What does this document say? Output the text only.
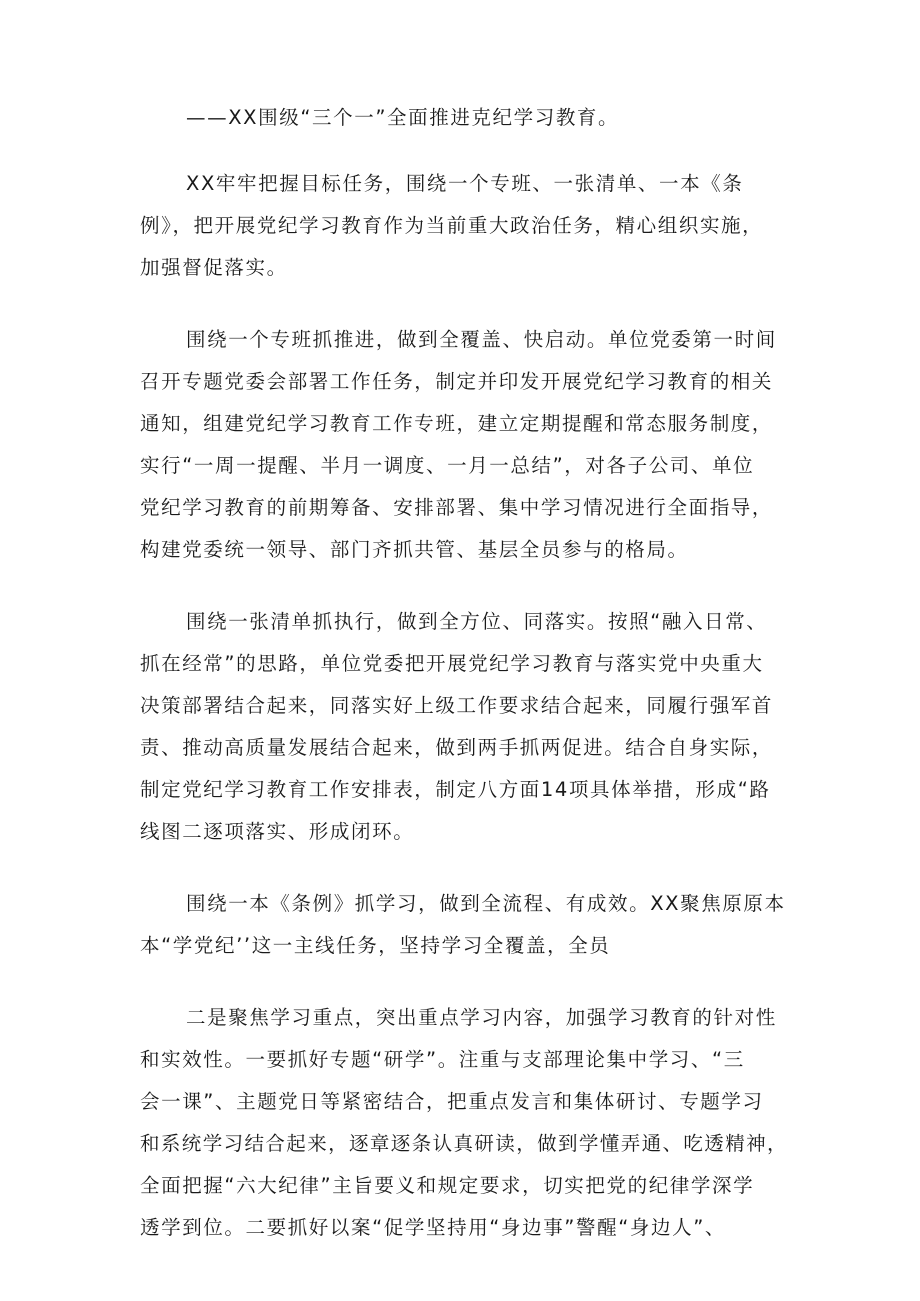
——XX围级“三个一”全面推进克纪学习教育。
XX牢牢把握目标任务，围绕一个专班、一张清单、一本《条
例》，把开展党纪学习教育作为当前重大政治任务，精心组织实施，
加强督促落实。
围绕一个专班抓推进，做到全覆盖、快启动。单位党委第一时间
召开专题党委会部署工作任务，制定并印发开展党纪学习教育的相关
通知，组建党纪学习教育工作专班，建立定期提醒和常态服务制度，
实行“一周一提醒、半月一调度、一月一总结”，对各子公司、单位
党纪学习教育的前期筹备、安排部署、集中学习情况进行全面指导，
构建党委统一领导、部门齐抓共管、基层全员参与的格局。
围绕一张清单抓执行，做到全方位、同落实。按照“融入日常、
抓在经常”的思路，单位党委把开展党纪学习教育与落实党中央重大
决策部署结合起来，同落实好上级工作要求结合起来，同履行强军首
责、推动高质量发展结合起来，做到两手抓两促进。结合自身实际，
制定党纪学习教育工作安排表，制定八方面14项具体举措，形成“路
线图二逐项落实、形成闭环。
围绕一本《条例》抓学习，做到全流程、有成效。XX聚焦原原本
本“学党纪’’这一主线任务，坚持学习全覆盖，全员
二是聚焦学习重点，突出重点学习内容，加强学习教育的针对性
和实效性。一要抓好专题“研学”。注重与支部理论集中学习、“三
会一课”、主题党日等紧密结合，把重点发言和集体研讨、专题学习
和系统学习结合起来，逐章逐条认真研读，做到学懂弄通、吃透精神，
全面把握“六大纪律”主旨要义和规定要求，切实把党的纪律学深学
透学到位。二要抓好以案“促学坚持用“身边事”警醒“身边人”、
